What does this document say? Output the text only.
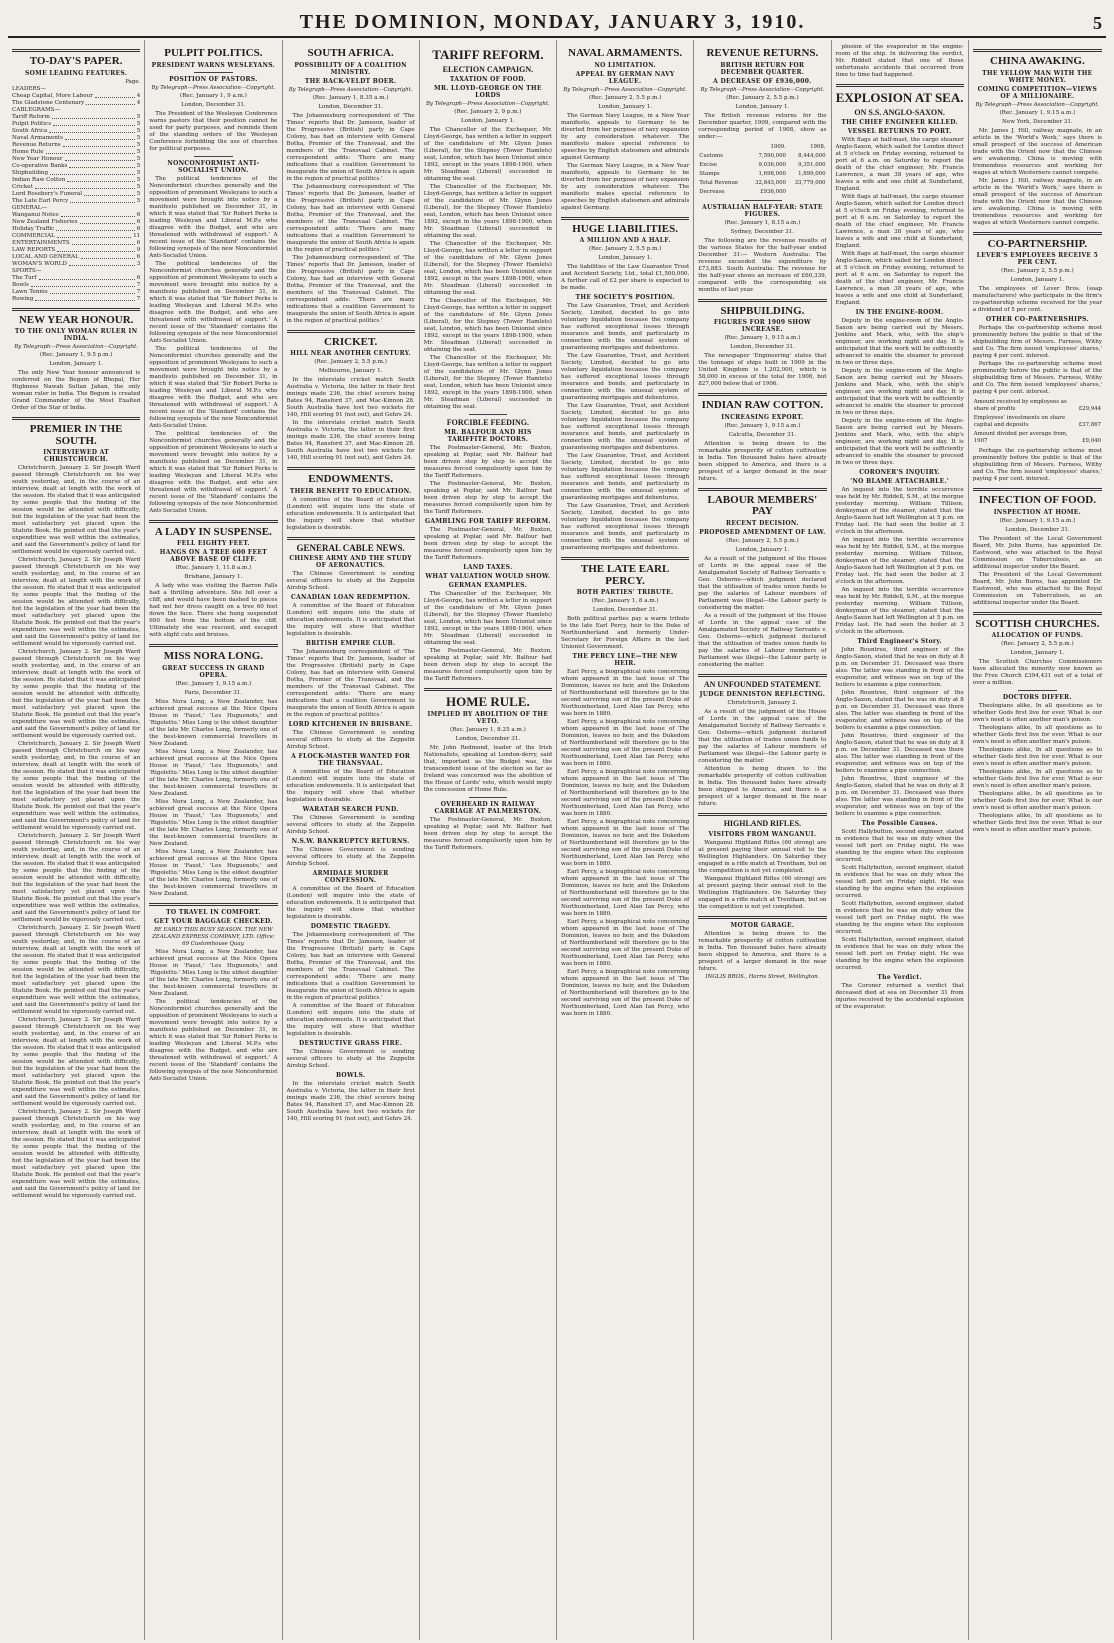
THE DOMINION, MONDAY, JANUARY 3, 1910.	5
TO-DAY'S PAPER.
SOME LEADING FEATURES.
Page.
LEADERS—
Cheap Capital, More Labour	4
The Gladstone Centenary	4
CABLEGRAMS—
Tariff Reform	5
Pulpit Politics	5
South Africa	5
Naval Armaments	5
Revenue Returns	5
Home Rule	5
New Year Honour	5
Co-operative Banks	5
Shipbuilding	5
Indian Raw Cotton	5
Cricket	5
Lord Rosebery's Funeral	5
The Late Earl Percy	5
GENERAL—
Wanganui Notes	6
New Zealand Fisheries	6
Holiday Traffic	6
COMMERCIAL	11
ENTERTAINMENTS	6
LAW REPORTS	9
LOCAL AND GENERAL	6
WOMAN'S WORLD	3
SPORTS—
The Turf	6
Bowls	7
Lawn Tennis	7
Rowing	7
NEW YEAR HONOUR.
TO THE ONLY WOMAN RULER IN INDIA.
By Telegraph—Press Association—Copyright.
(Rec. January 1, 9.5 p.m.)
London, January 1.

The only New Year honour announced is conferred on the Begum of Bhopal, Her Highness Nawab Sultan Jahan, the only woman ruler in India. The Begum is created Grand Commander of the Most Exalted Order of the Star of India.

PREMIER IN THE SOUTH.
INTERVIEWED AT CHRISTCHURCH.

Christchurch, January 2. Sir Joseph Ward passed through Christchurch on his way south yesterday, and, in the course of an interview, dealt at length with the work of the session. He stated that it was anticipated by some people that the finding of the session would be attended with difficulty, but the legislation of the year had been the most satisfactory yet placed upon the Statute Book. He pointed out that the year's expenditure was well within the estimates, and said the Government's policy of land for settlement would be vigorously carried out.

Christchurch, January 2. Sir Joseph Ward passed through Christchurch on his way south yesterday, and, in the course of an interview, dealt at length with the work of the session. He stated that it was anticipated by some people that the finding of the session would be attended with difficulty, but the legislation of the year had been the most satisfactory yet placed upon the Statute Book. He pointed out that the year's expenditure was well within the estimates, and said the Government's policy of land for settlement would be vigorously carried out.

Christchurch, January 2. Sir Joseph Ward passed through Christchurch on his way south yesterday, and, in the course of an interview, dealt at length with the work of the session. He stated that it was anticipated by some people that the finding of the session would be attended with difficulty, but the legislation of the year had been the most satisfactory yet placed upon the Statute Book. He pointed out that the year's expenditure was well within the estimates, and said the Government's policy of land for settlement would be vigorously carried out.

Christchurch, January 2. Sir Joseph Ward passed through Christchurch on his way south yesterday, and, in the course of an interview, dealt at length with the work of the session. He stated that it was anticipated by some people that the finding of the session would be attended with difficulty, but the legislation of the year had been the most satisfactory yet placed upon the Statute Book. He pointed out that the year's expenditure was well within the estimates, and said the Government's policy of land for settlement would be vigorously carried out.

Christchurch, January 2. Sir Joseph Ward passed through Christchurch on his way south yesterday, and, in the course of an interview, dealt at length with the work of the session. He stated that it was anticipated by some people that the finding of the session would be attended with difficulty, but the legislation of the year had been the most satisfactory yet placed upon the Statute Book. He pointed out that the year's expenditure was well within the estimates, and said the Government's policy of land for settlement would be vigorously carried out.

Christchurch, January 2. Sir Joseph Ward passed through Christchurch on his way south yesterday, and, in the course of an interview, dealt at length with the work of the session. He stated that it was anticipated by some people that the finding of the session would be attended with difficulty, but the legislation of the year had been the most satisfactory yet placed upon the Statute Book. He pointed out that the year's expenditure was well within the estimates, and said the Government's policy of land for settlement would be vigorously carried out.

Christchurch, January 2. Sir Joseph Ward passed through Christchurch on his way south yesterday, and, in the course of an interview, dealt at length with the work of the session. He stated that it was anticipated by some people that the finding of the session would be attended with difficulty, but the legislation of the year had been the most satisfactory yet placed upon the Statute Book. He pointed out that the year's expenditure was well within the estimates, and said the Government's policy of land for settlement would be vigorously carried out.

Christchurch, January 2. Sir Joseph Ward passed through Christchurch on his way south yesterday, and, in the course of an interview, dealt at length with the work of the session. He stated that it was anticipated by some people that the finding of the session would be attended with difficulty, but the legislation of the year had been the most satisfactory yet placed upon the Statute Book. He pointed out that the year's expenditure was well within the estimates, and said the Government's policy of land for settlement would be vigorously carried out.

PULPIT POLITICS.
PRESIDENT WARNS WESLEYANS.
POSITION OF PASTORS.
By Telegraph—Press Association—Copyright.
(Rec. January 1, 9 a.m.)
London, December 31.

The President of the Wesleyan Conference warns pastors that their position cannot be used for party purposes, and reminds them of the standing orders of the Wesleyan Conference forbidding the use of churches for political purposes.

NONCONFORMIST ANTI-SOCIALIST UNION.

The political tendencies of the Nonconformist churches generally and the opposition of prominent Wesleyans to such a movement were brought into notice by a manifesto published on December 31, in which it was stated that 'Sir Robert Perks is leading Wesleyan and Liberal M.P.s who disagree with the Budget, and who are threatened with withdrawal of support.' A recent issue of the 'Standard' contains the following synopsis of the new Nonconformist Anti-Socialist Union.

The political tendencies of the Nonconformist churches generally and the opposition of prominent Wesleyans to such a movement were brought into notice by a manifesto published on December 31, in which it was stated that 'Sir Robert Perks is leading Wesleyan and Liberal M.P.s who disagree with the Budget, and who are threatened with withdrawal of support.' A recent issue of the 'Standard' contains the following synopsis of the new Nonconformist Anti-Socialist Union.

The political tendencies of the Nonconformist churches generally and the opposition of prominent Wesleyans to such a movement were brought into notice by a manifesto published on December 31, in which it was stated that 'Sir Robert Perks is leading Wesleyan and Liberal M.P.s who disagree with the Budget, and who are threatened with withdrawal of support.' A recent issue of the 'Standard' contains the following synopsis of the new Nonconformist Anti-Socialist Union.

The political tendencies of the Nonconformist churches generally and the opposition of prominent Wesleyans to such a movement were brought into notice by a manifesto published on December 31, in which it was stated that 'Sir Robert Perks is leading Wesleyan and Liberal M.P.s who disagree with the Budget, and who are threatened with withdrawal of support.' A recent issue of the 'Standard' contains the following synopsis of the new Nonconformist Anti-Socialist Union.

A LADY IN SUSPENSE.
FELL EIGHTY FEET.
HANGS ON A TREE 600 FEET ABOVE BASE OF CLIFF.
(Rec. January 1, 11.8 a.m.)
Brisbane, January 1.

A lady who was visiting the Barron Falls had a thrilling adventure. She fell over a cliff, and would have been dashed to pieces had not her dress caught on a tree 60 feet down the face. There she hung suspended 600 feet from the bottom of the cliff. Ultimately she was rescued, and escaped with slight cuts and bruises.

MISS NORA LONG.
GREAT SUCCESS IN GRAND OPERA.
(Rec. January 1, 9.15 a.m.)
Paris, December 31.

Miss Nora Long, a New Zealander, has achieved great success at the Nice Opera House in 'Faust,' 'Les Huguenots,' and 'Rigoletto.' Miss Long is the eldest daughter of the late Mr. Charles Long, formerly one of the best-known commercial travellers in New Zealand.

Miss Nora Long, a New Zealander, has achieved great success at the Nice Opera House in 'Faust,' 'Les Huguenots,' and 'Rigoletto.' Miss Long is the eldest daughter of the late Mr. Charles Long, formerly one of the best-known commercial travellers in New Zealand.

Miss Nora Long, a New Zealander, has achieved great success at the Nice Opera House in 'Faust,' 'Les Huguenots,' and 'Rigoletto.' Miss Long is the eldest daughter of the late Mr. Charles Long, formerly one of the best-known commercial travellers in New Zealand.

Miss Nora Long, a New Zealander, has achieved great success at the Nice Opera House in 'Faust,' 'Les Huguenots,' and 'Rigoletto.' Miss Long is the eldest daughter of the late Mr. Charles Long, formerly one of the best-known commercial travellers in New Zealand.

TO TRAVEL IN COMFORT.
GET YOUR BAGGAGE CHECKED.
BE EARLY THIS BUSY SEASON. THE NEW ZEALAND EXPRESS COMPANY, LTD. Office: 69 Customhouse Quay.

Miss Nora Long, a New Zealander, has achieved great success at the Nice Opera House in 'Faust,' 'Les Huguenots,' and 'Rigoletto.' Miss Long is the eldest daughter of the late Mr. Charles Long, formerly one of the best-known commercial travellers in New Zealand.

The political tendencies of the Nonconformist churches generally and the opposition of prominent Wesleyans to such a movement were brought into notice by a manifesto published on December 31, in which it was stated that 'Sir Robert Perks is leading Wesleyan and Liberal M.P.s who disagree with the Budget, and who are threatened with withdrawal of support.' A recent issue of the 'Standard' contains the following synopsis of the new Nonconformist Anti-Socialist Union.

SOUTH AFRICA.
POSSIBILITY OF A COALITION MINISTRY.
THE BACK-VELDT BOER.
By Telegraph—Press Association—Copyright.
(Rec. January 1, 8.35 a.m.)
London, December 31.

The Johannesburg correspondent of 'The Times' reports that Dr. Jameson, leader of the Progressive (British) party in Cape Colony, has had an interview with General Botha, Premier of the Transvaal, and the members of the Transvaal Cabinet. The correspondent adds: 'There are many indications that a coalition Government to inaugurate the union of South Africa is again in the region of practical politics.'

The Johannesburg correspondent of 'The Times' reports that Dr. Jameson, leader of the Progressive (British) party in Cape Colony, has had an interview with General Botha, Premier of the Transvaal, and the members of the Transvaal Cabinet. The correspondent adds: 'There are many indications that a coalition Government to inaugurate the union of South Africa is again in the region of practical politics.'

The Johannesburg correspondent of 'The Times' reports that Dr. Jameson, leader of the Progressive (British) party in Cape Colony, has had an interview with General Botha, Premier of the Transvaal, and the members of the Transvaal Cabinet. The correspondent adds: 'There are many indications that a coalition Government to inaugurate the union of South Africa is again in the region of practical politics.'

CRICKET.
HILL NEAR ANOTHER CENTURY.
(Rec. January 2, 5.5 p.m.)
Melbourne, January 1.

In the interstate cricket match South Australia v. Victoria, the latter in their first innings made 236, the chief scorers being Bates 94, Ransford 37, and Mac-Kinnon 28. South Australia have lost two wickets for 140, Hill scoring 91 (not out), and Gehrs 24.

In the interstate cricket match South Australia v. Victoria, the latter in their first innings made 236, the chief scorers being Bates 94, Ransford 37, and Mac-Kinnon 28. South Australia have lost two wickets for 140, Hill scoring 91 (not out), and Gehrs 24.

ENDOWMENTS.
THEIR BENEFIT TO EDUCATION.

A committee of the Board of Education (London) will inquire into the state of education endowments. It is anticipated that the inquiry will show that whether legislation is desirable.

GENERAL CABLE NEWS.
CHINESE ARMY AND THE STUDY OF AERONAUTICS.

The Chinese Government is sending several officers to study at the Zeppelin Airship School.

CANADIAN LOAN REDEMPTION.

A committee of the Board of Education (London) will inquire into the state of education endowments. It is anticipated that the inquiry will show that whether legislation is desirable.

BRITISH EMPIRE CLUB.

The Johannesburg correspondent of 'The Times' reports that Dr. Jameson, leader of the Progressive (British) party in Cape Colony, has had an interview with General Botha, Premier of the Transvaal, and the members of the Transvaal Cabinet. The correspondent adds: 'There are many indications that a coalition Government to inaugurate the union of South Africa is again in the region of practical politics.'

LORD KITCHENER IN BRISBANE.

The Chinese Government is sending several officers to study at the Zeppelin Airship School.

A FLOCK-MASTER WANTED FOR THE TRANSVAAL.

A committee of the Board of Education (London) will inquire into the state of education endowments. It is anticipated that the inquiry will show that whether legislation is desirable.

WARATAH SEARCH FUND.

The Chinese Government is sending several officers to study at the Zeppelin Airship School.

N.S.W. BANKRUPTCY RETURNS.

The Chinese Government is sending several officers to study at the Zeppelin Airship School.

ARMIDALE MURDER CONFESSION.

A committee of the Board of Education (London) will inquire into the state of education endowments. It is anticipated that the inquiry will show that whether legislation is desirable.

DOMESTIC TRAGEDY.

The Johannesburg correspondent of 'The Times' reports that Dr. Jameson, leader of the Progressive (British) party in Cape Colony, has had an interview with General Botha, Premier of the Transvaal, and the members of the Transvaal Cabinet. The correspondent adds: 'There are many indications that a coalition Government to inaugurate the union of South Africa is again in the region of practical politics.'

A committee of the Board of Education (London) will inquire into the state of education endowments. It is anticipated that the inquiry will show that whether legislation is desirable.

DESTRUCTIVE GRASS FIRE.

The Chinese Government is sending several officers to study at the Zeppelin Airship School.

BOWLS.

In the interstate cricket match South Australia v. Victoria, the latter in their first innings made 236, the chief scorers being Bates 94, Ransford 37, and Mac-Kinnon 28. South Australia have lost two wickets for 140, Hill scoring 91 (not out), and Gehrs 24.

TARIFF REFORM.
ELECTION CAMPAIGN.
TAXATION OF FOOD.
MR. LLOYD-GEORGE ON THE LORDS
By Telegraph—Press Association—Copyright.
(Rec. January 2, 9 p.m.)
London, January 1.

The Chancellor of the Exchequer, Mr. Lloyd-George, has written a letter in support of the candidature of Mr. Glynn Jones (Liberal), for the Stepney (Tower Hamlets) seat, London, which has been Unionist since 1892, except in the years 1898-1900, when Mr. Steadman (Liberal) succeeded in obtaining the seat.

The Chancellor of the Exchequer, Mr. Lloyd-George, has written a letter in support of the candidature of Mr. Glynn Jones (Liberal), for the Stepney (Tower Hamlets) seat, London, which has been Unionist since 1892, except in the years 1898-1900, when Mr. Steadman (Liberal) succeeded in obtaining the seat.

The Chancellor of the Exchequer, Mr. Lloyd-George, has written a letter in support of the candidature of Mr. Glynn Jones (Liberal), for the Stepney (Tower Hamlets) seat, London, which has been Unionist since 1892, except in the years 1898-1900, when Mr. Steadman (Liberal) succeeded in obtaining the seat.

The Chancellor of the Exchequer, Mr. Lloyd-George, has written a letter in support of the candidature of Mr. Glynn Jones (Liberal), for the Stepney (Tower Hamlets) seat, London, which has been Unionist since 1892, except in the years 1898-1900, when Mr. Steadman (Liberal) succeeded in obtaining the seat.

The Chancellor of the Exchequer, Mr. Lloyd-George, has written a letter in support of the candidature of Mr. Glynn Jones (Liberal), for the Stepney (Tower Hamlets) seat, London, which has been Unionist since 1892, except in the years 1898-1900, when Mr. Steadman (Liberal) succeeded in obtaining the seat.

FORCIBLE FEEDING.
MR. BALFOUR AND HIS TARIFFITE DOCTORS.

The Postmaster-General, Mr. Buxton, speaking at Poplar, said Mr. Balfour had been driven step by step to accept the measures forced compulsorily upon him by the Tariff Reformers.

The Postmaster-General, Mr. Buxton, speaking at Poplar, said Mr. Balfour had been driven step by step to accept the measures forced compulsorily upon him by the Tariff Reformers.

GAMBLING FOR TARIFF REFORM.

The Postmaster-General, Mr. Buxton, speaking at Poplar, said Mr. Balfour had been driven step by step to accept the measures forced compulsorily upon him by the Tariff Reformers.

LAND TAXES.
WHAT VALUATION WOULD SHOW.
GERMAN EXAMPLES.

The Chancellor of the Exchequer, Mr. Lloyd-George, has written a letter in support of the candidature of Mr. Glynn Jones (Liberal), for the Stepney (Tower Hamlets) seat, London, which has been Unionist since 1892, except in the years 1898-1900, when Mr. Steadman (Liberal) succeeded in obtaining the seat.

The Postmaster-General, Mr. Buxton, speaking at Poplar, said Mr. Balfour had been driven step by step to accept the measures forced compulsorily upon him by the Tariff Reformers.

HOME RULE.
IMPLIED BY ABOLITION OF THE VETO.
(Rec. January 1, 8.25 a.m.)
London, December 31.

Mr. John Redmond, leader of the Irish Nationalists, speaking at London-derry, said that, important as the Budget was, the transcendent issue of the election so far as Ireland was concerned was the abolition of the House of Lords' veto, which would imply the concession of Home Rule.

OVERHEARD IN RAILWAY CARRIAGE AT PALMERSTON.

The Postmaster-General, Mr. Buxton, speaking at Poplar, said Mr. Balfour had been driven step by step to accept the measures forced compulsorily upon him by the Tariff Reformers.

NAVAL ARMAMENTS.
NO LIMITATION.
APPEAL BY GERMAN NAVY LEAGUE.
By Telegraph—Press Association—Copyright.
(Rec. January 2, 5.5 p.m.)
London, January 1.

The German Navy League, in a New Year manifesto, appeals to Germany to be diverted from her purpose of navy expansion by any consideration whatever. The manifesto makes special reference to speeches by English statesmen and admirals against Germany.

The German Navy League, in a New Year manifesto, appeals to Germany to be diverted from her purpose of navy expansion by any consideration whatever. The manifesto makes special reference to speeches by English statesmen and admirals against Germany.

HUGE LIABILITIES.
A MILLION AND A HALF.
(Rec. January 2, 5.5 p.m.)
London, January 1.

The liabilities of the Law Guarantee Trust and Accident Society, Ltd., total £1,500,000. A further call of £2 per share is expected to be made.

THE SOCIETY'S POSITION.

The Law Guarantee, Trust, and Accident Society, Limited, decided to go into voluntary liquidation because the company has suffered exceptional losses through insurance and bonds, and particularly in connection with the unusual system of guaranteeing mortgages and debentures.

The Law Guarantee, Trust, and Accident Society, Limited, decided to go into voluntary liquidation because the company has suffered exceptional losses through insurance and bonds, and particularly in connection with the unusual system of guaranteeing mortgages and debentures.

The Law Guarantee, Trust, and Accident Society, Limited, decided to go into voluntary liquidation because the company has suffered exceptional losses through insurance and bonds, and particularly in connection with the unusual system of guaranteeing mortgages and debentures.

The Law Guarantee, Trust, and Accident Society, Limited, decided to go into voluntary liquidation because the company has suffered exceptional losses through insurance and bonds, and particularly in connection with the unusual system of guaranteeing mortgages and debentures.

The Law Guarantee, Trust, and Accident Society, Limited, decided to go into voluntary liquidation because the company has suffered exceptional losses through insurance and bonds, and particularly in connection with the unusual system of guaranteeing mortgages and debentures.

THE LATE EARL PERCY.
BOTH PARTIES' TRIBUTE.
(Rec. January 1, 8 a.m.)
London, December 31.

Both political parties pay a warm tribute to the late Earl Percy, heir to the Duke of Northumberland and formerly Under-Secretary for Foreign Affairs in the last Unionist Government.

THE PERCY LINE—THE NEW HEIR.

Earl Percy, a biographical note concerning whom appeared in the last issue of The Dominion, leaves no heir, and the Dukedom of Northumberland will therefore go to the second surviving son of the present Duke of Northumberland, Lord Alan Ian Percy, who was born in 1880.

Earl Percy, a biographical note concerning whom appeared in the last issue of The Dominion, leaves no heir, and the Dukedom of Northumberland will therefore go to the second surviving son of the present Duke of Northumberland, Lord Alan Ian Percy, who was born in 1880.

Earl Percy, a biographical note concerning whom appeared in the last issue of The Dominion, leaves no heir, and the Dukedom of Northumberland will therefore go to the second surviving son of the present Duke of Northumberland, Lord Alan Ian Percy, who was born in 1880.

Earl Percy, a biographical note concerning whom appeared in the last issue of The Dominion, leaves no heir, and the Dukedom of Northumberland will therefore go to the second surviving son of the present Duke of Northumberland, Lord Alan Ian Percy, who was born in 1880.

Earl Percy, a biographical note concerning whom appeared in the last issue of The Dominion, leaves no heir, and the Dukedom of Northumberland will therefore go to the second surviving son of the present Duke of Northumberland, Lord Alan Ian Percy, who was born in 1880.

Earl Percy, a biographical note concerning whom appeared in the last issue of The Dominion, leaves no heir, and the Dukedom of Northumberland will therefore go to the second surviving son of the present Duke of Northumberland, Lord Alan Ian Percy, who was born in 1880.

Earl Percy, a biographical note concerning whom appeared in the last issue of The Dominion, leaves no heir, and the Dukedom of Northumberland will therefore go to the second surviving son of the present Duke of Northumberland, Lord Alan Ian Percy, who was born in 1880.

REVENUE RETURNS.
BRITISH RETURN FOR DECEMBER QUARTER.
A DECREASE OF £936,000.
By Telegraph—Press Association—Copyright.
(Rec. January 2, 5.5 p.m.)
London, January 1.

The British revenue returns for the December quarter, 1909, compared with the corresponding period of 1908, show as under:—

	1909.	1908.
Customs	7,590,000	8,444,000
Excise	9,036,000	9,351,000
Stamps	1,698,000	1,899,000
Total Revenue	32,843,000	33,779,000
Decrease	£936,000	
AUSTRALIAN HALF-YEAR: STATE FIGURES.
(Rec. January 1, 8.15 a.m.)
Sydney, December 31.

The following are the revenue results of the various States for the half-year ended December 31:— Western Australia: The revenue exceeded the expenditure by £73,883. South Australia: The revenue for the half-year shows an increase of £60,339, compared with the corresponding six months of last year.

SHIPBUILDING.
FIGURES FOR 1909 SHOW INCREASE.
(Rec. January 1, 9.15 a.m.)
London, December 31.

The newspaper 'Engineering' states that the tonnage of ships built in 1909 in the United Kingdom is 1,202,000, which is 58,000 in excess of the total for 1908, but 827,000 below that of 1906.

INDIAN RAW COTTON.
INCREASING EXPORT.
(Rec. January 1, 9.15 a.m.)
Calcutta, December 31.

Attention is being drawn to the remarkable prosperity of cotton cultivation in India. Ten thousand bales have already been shipped to America, and there is a prospect of a larger demand in the near future.

LABOUR MEMBERS' PAY
RECENT DECISION.
PROPOSED AMENDMENT OF LAW.
(Rec. January 2, 5.5 p.m.)
London, January 1.

As a result of the judgment of the House of Lords in the appeal case of the Amalgamated Society of Railway Servants v. Geo. Osborne—which judgment declared that the utilisation of trades union funds to pay the salaries of Labour members of Parliament was illegal—the Labour party is considering the matter.

As a result of the judgment of the House of Lords in the appeal case of the Amalgamated Society of Railway Servants v. Geo. Osborne—which judgment declared that the utilisation of trades union funds to pay the salaries of Labour members of Parliament was illegal—the Labour party is considering the matter.

AN UNFOUNDED STATEMENT.
JUDGE DENNISTON REFLECTING.
Christchurch, January 2.

As a result of the judgment of the House of Lords in the appeal case of the Amalgamated Society of Railway Servants v. Geo. Osborne—which judgment declared that the utilisation of trades union funds to pay the salaries of Labour members of Parliament was illegal—the Labour party is considering the matter.

Attention is being drawn to the remarkable prosperity of cotton cultivation in India. Ten thousand bales have already been shipped to America, and there is a prospect of a larger demand in the near future.

HIGHLAND RIFLES.
VISITORS FROM WANGANUI.

Wanganui Highland Rifles (60 strong) are at present paying their annual visit to the Wellington Highlanders. On Saturday they engaged in a rifle match at Trentham, but on the competition is not yet completed.

Wanganui Highland Rifles (60 strong) are at present paying their annual visit to the Wellington Highlanders. On Saturday they engaged in a rifle match at Trentham, but on the competition is not yet completed.

MOTOR GARAGE.

Attention is being drawn to the remarkable prosperity of cotton cultivation in India. Ten thousand bales have already been shipped to America, and there is a prospect of a larger demand in the near future.

INGLIS BROS., Harris Street, Wellington.

plosion of the evaporator in the engine-room of the ship. In delivering the verdict, Mr. Riddell stated that one of those unfortunate accidents that occurred from time to time had happened.

EXPLOSION AT SEA.
ON S.S. ANGLO-SAXON.
THE CHIEF ENGINEER KILLED.
VESSEL RETURNS TO PORT.

With flags at half-mast, the cargo steamer Anglo-Saxon, which sailed for London direct at 5 o'clock on Friday evening, returned to port at 6 a.m. on Saturday to report the death of the chief engineer, Mr. Francis Lawrence, a man 38 years of age, who leaves a wife and one child at Sunderland, England.

With flags at half-mast, the cargo steamer Anglo-Saxon, which sailed for London direct at 5 o'clock on Friday evening, returned to port at 6 a.m. on Saturday to report the death of the chief engineer, Mr. Francis Lawrence, a man 38 years of age, who leaves a wife and one child at Sunderland, England.

With flags at half-mast, the cargo steamer Anglo-Saxon, which sailed for London direct at 5 o'clock on Friday evening, returned to port at 6 a.m. on Saturday to report the death of the chief engineer, Mr. Francis Lawrence, a man 38 years of age, who leaves a wife and one child at Sunderland, England.

IN THE ENGINE-ROOM.

Deputy in the engine-room of the Anglo-Saxon are being carried out by Messrs. Jenkins and Mack, who, with the ship's engineer, are working night and day. It is anticipated that the work will be sufficiently advanced to enable the steamer to proceed in two or three days.

Deputy in the engine-room of the Anglo-Saxon are being carried out by Messrs. Jenkins and Mack, who, with the ship's engineer, are working night and day. It is anticipated that the work will be sufficiently advanced to enable the steamer to proceed in two or three days.

Deputy in the engine-room of the Anglo-Saxon are being carried out by Messrs. Jenkins and Mack, who, with the ship's engineer, are working night and day. It is anticipated that the work will be sufficiently advanced to enable the steamer to proceed in two or three days.

CORONER'S INQUIRY.
'NO BLAME ATTACHABLE.'

An inquest into the terrible occurrence was held by Mr. Riddell, S.M., at the morgue yesterday morning. William Tillison, donkeyman of the steamer, stated that the Anglo-Saxon had left Wellington at 5 p.m. on Friday last. He had seen the boiler at 3 o'clock in the afternoon.

An inquest into the terrible occurrence was held by Mr. Riddell, S.M., at the morgue yesterday morning. William Tillison, donkeyman of the steamer, stated that the Anglo-Saxon had left Wellington at 5 p.m. on Friday last. He had seen the boiler at 3 o'clock in the afternoon.

An inquest into the terrible occurrence was held by Mr. Riddell, S.M., at the morgue yesterday morning. William Tillison, donkeyman of the steamer, stated that the Anglo-Saxon had left Wellington at 5 p.m. on Friday last. He had seen the boiler at 3 o'clock in the afternoon.

Third Engineer's Story.

John Rountree, third engineer of the Anglo-Saxon, stated that he was on duty at 8 p.m. on December 31. Deceased was there also. The latter was standing in front of the evaporator, and witness was on top of the boilers to examine a pipe connection.

John Rountree, third engineer of the Anglo-Saxon, stated that he was on duty at 8 p.m. on December 31. Deceased was there also. The latter was standing in front of the evaporator, and witness was on top of the boilers to examine a pipe connection.

John Rountree, third engineer of the Anglo-Saxon, stated that he was on duty at 8 p.m. on December 31. Deceased was there also. The latter was standing in front of the evaporator, and witness was on top of the boilers to examine a pipe connection.

John Rountree, third engineer of the Anglo-Saxon, stated that he was on duty at 8 p.m. on December 31. Deceased was there also. The latter was standing in front of the evaporator, and witness was on top of the boilers to examine a pipe connection.

The Possible Causes.

Scott Hallybutton, second engineer, stated in evidence that he was on duty when the vessel left port on Friday night. He was standing by the engine when the explosion occurred.

Scott Hallybutton, second engineer, stated in evidence that he was on duty when the vessel left port on Friday night. He was standing by the engine when the explosion occurred.

Scott Hallybutton, second engineer, stated in evidence that he was on duty when the vessel left port on Friday night. He was standing by the engine when the explosion occurred.

Scott Hallybutton, second engineer, stated in evidence that he was on duty when the vessel left port on Friday night. He was standing by the engine when the explosion occurred.

The Verdict.

The Coroner returned a verdict that deceased died at sea on December 31 from injuries received by the accidental explosion of the evaporator.

CHINA AWAKING.
THE YELLOW MAN WITH THE WHITE MONEY.
COMING COMPETITION—VIEWS OF A MILLIONAIRE.
By Telegraph—Press Association—Copyright.
(Rec. January 1, 9.15 a.m.)
New York, December 31.

Mr. James J. Hill, railway magnate, in an article in the 'World's Work,' says there is small prospect of the success of American trade with the Orient now that the Chinese are awakening. China is moving with tremendous resources and working for wages at which Westerners cannot compete.

Mr. James J. Hill, railway magnate, in an article in the 'World's Work,' says there is small prospect of the success of American trade with the Orient now that the Chinese are awakening. China is moving with tremendous resources and working for wages at which Westerners cannot compete.

CO-PARTNERSHIP.
LEVER'S EMPLOYEES RECEIVE 5 PER CENT.
(Rec. January 2, 5.5 p.m.)
London, January 1.

The employees of Lever Bros. (soap manufacturers) who participate in the firm's co-partnership scheme received for the year a dividend of 5 per cent.

OTHER CO-PARTNERSHIPS.

Perhaps the co-partnership scheme most prominently before the public is that of the shipbuilding firm of Messrs. Furness, Withy and Co. The firm issued 'employees' shares,' paying 4 per cent. interest.

Perhaps the co-partnership scheme most prominently before the public is that of the shipbuilding firm of Messrs. Furness, Withy and Co. The firm issued 'employees' shares,' paying 4 per cent. interest.

Amount received by employees as share of profits	£29,944
Employees' investments on share capital and deposits	£37,867
Amount divided per average from, 1907	£9,040

Perhaps the co-partnership scheme most prominently before the public is that of the shipbuilding firm of Messrs. Furness, Withy and Co. The firm issued 'employees' shares,' paying 4 per cent. interest.

INFECTION OF FOOD.
INSPECTION AT HOME.
(Rec. January 1, 9.15 a.m.)
London, December 31.

The President of the Local Government Board, Mr. John Burns, has appointed Dr. Eastwood, who was attached to the Royal Commission on Tuberculosis, as an additional inspector under the Board.

The President of the Local Government Board, Mr. John Burns, has appointed Dr. Eastwood, who was attached to the Royal Commission on Tuberculosis, as an additional inspector under the Board.

SCOTTISH CHURCHES.
ALLOCATION OF FUNDS.
(Rec. January 2, 5.5 p.m.)
London, January 1.

The Scottish Churches Commissioners have allocated the minority now known as the Free Church £394,431 out of a total of over a million.

DOCTORS DIFFER.

Theologians alike, In all questions as to whether Gods first live for ever. What is our own's need is often another man's poison.

Theologians alike, In all questions as to whether Gods first live for ever. What is our own's need is often another man's poison.

Theologians alike, In all questions as to whether Gods first live for ever. What is our own's need is often another man's poison.

Theologians alike, In all questions as to whether Gods first live for ever. What is our own's need is often another man's poison.

Theologians alike, In all questions as to whether Gods first live for ever. What is our own's need is often another man's poison.

Theologians alike, In all questions as to whether Gods first live for ever. What is our own's need is often another man's poison.
